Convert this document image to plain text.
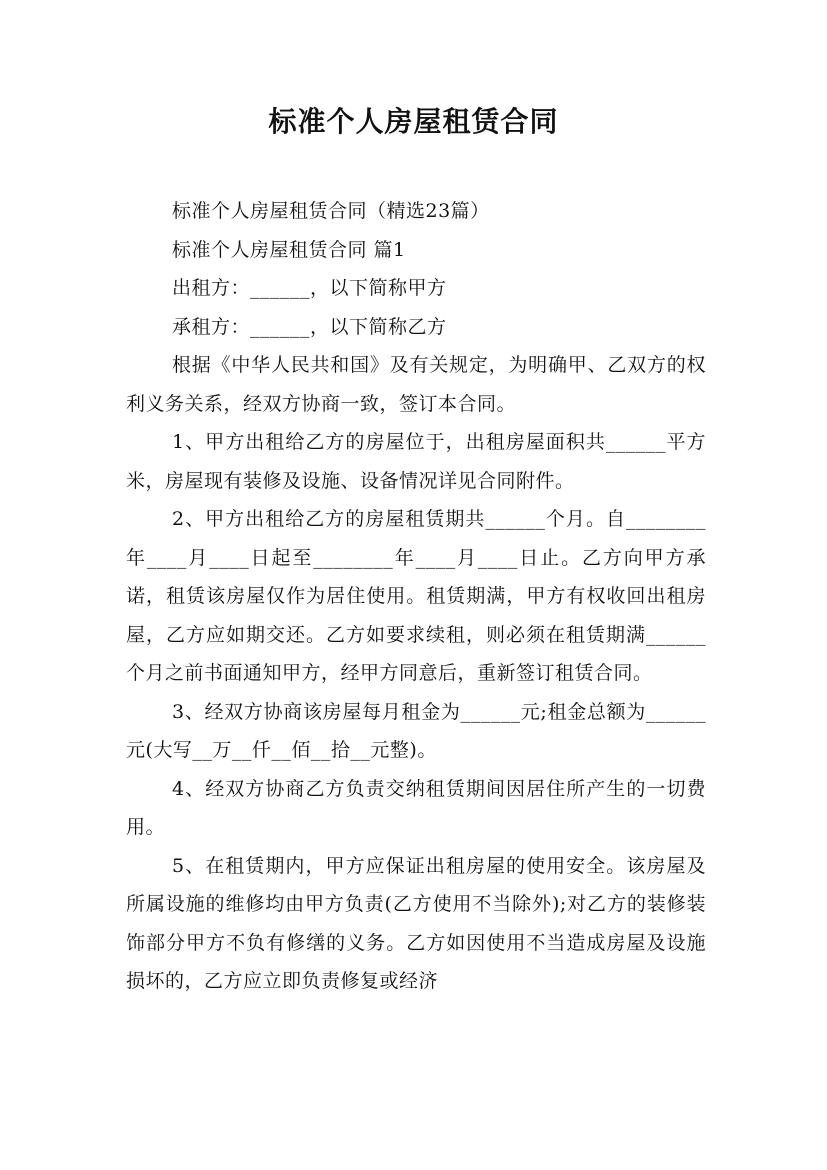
标准个人房屋租赁合同

标准个人房屋租赁合同（精选23篇）

标准个人房屋租赁合同 篇1

出租方：______，以下简称甲方

承租方：______，以下简称乙方

根据《中华人民共和国》及有关规定，为明确甲、乙双方的权利义务关系，经双方协商一致，签订本合同。

1、甲方出租给乙方的房屋位于，出租房屋面积共______平方米，房屋现有装修及设施、设备情况详见合同附件。

2、甲方出租给乙方的房屋租赁期共______个月。自________年____月____日起至________年____月____日止。乙方向甲方承诺，租赁该房屋仅作为居住使用。租赁期满，甲方有权收回出租房屋，乙方应如期交还。乙方如要求续租，则必须在租赁期满______个月之前书面通知甲方，经甲方同意后，重新签订租赁合同。

3、经双方协商该房屋每月租金为______元;租金总额为______元(大写__万__仟__佰__拾__元整)。

4、经双方协商乙方负责交纳租赁期间因居住所产生的一切费用。

5、在租赁期内，甲方应保证出租房屋的使用安全。该房屋及所属设施的维修均由甲方负责(乙方使用不当除外);对乙方的装修装饰部分甲方不负有修缮的义务。乙方如因使用不当造成房屋及设施损坏的，乙方应立即负责修复或经济
